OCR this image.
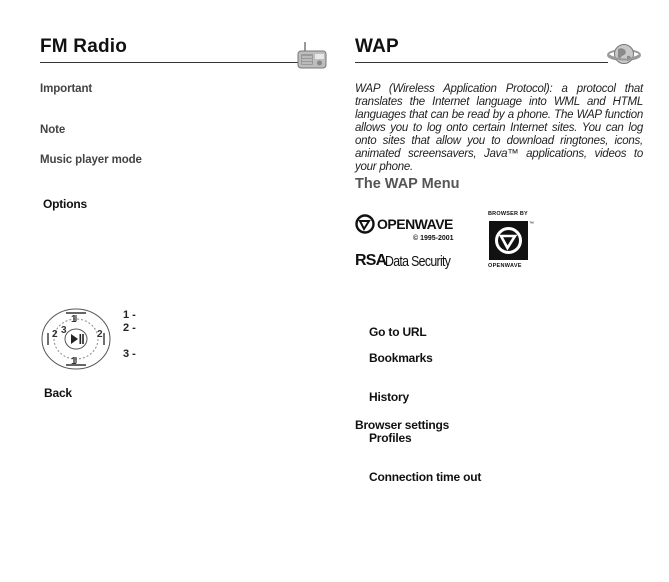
FM Radio
Important
Note
Music player mode
Options
1
2 3	2
1
1 -
2 -
3 -
Back
WAP
WAP (Wireless Application Protocol): a protocol that translates the Internet language into WML and HTML languages that can be read by a phone. The WAP function allows you to log onto certain Internet sites. You can log onto sites that allow you to download ringtones, icons, animated screensavers, Java™ applications, videos to your phone.
The WAP Menu
OPENWAVE
© 1995-2001
RSA
Data Security
BROWSER BY
™
OPENWAVE
Go to URL
Bookmarks
History
Browser settings
Profiles
Connection time out
